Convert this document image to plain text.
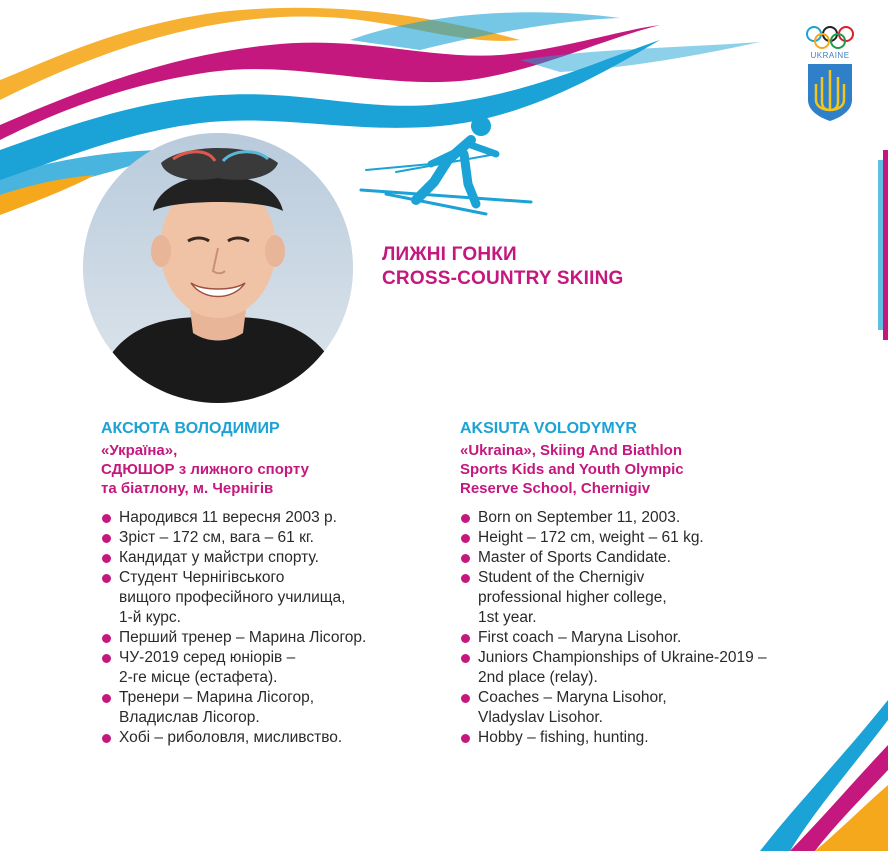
UKRAINE
ЛИЖНІ ГОНКИ
CROSS-COUNTRY SKIING
АКСЮТА ВОЛОДИМИР
«Україна»,
СДЮШОР з лижного спорту
та біатлону, м. Чернігів
Народився 11 вересня 2003 р.
Зріст – 172 см, вага – 61 кг.
Кандидат у майстри спорту.
Студент Чернігівського
вищого професійного училища,
1-й курс.
Перший тренер – Марина Лісогор.
ЧУ-2019 серед юніорів –
2-ге місце (естафета).
Тренери – Марина Лісогор,
Владислав Лісогор.
Хобі – риболовля, мисливство.
AKSIUTA VOLODYMYR
«Ukraina», Skiing And Biathlon
Sports Kids and Youth Olympic
Reserve School, Chernigiv
Born on September 11, 2003.
Height – 172 cm, weight – 61 kg.
Master of Sports Candidate.
Student of the Chernigiv
professional higher college,
1st year.
First coach – Maryna Lisohor.
Juniors Championships of Ukraine-2019 –
2nd place (relay).
Coaches – Maryna Lisohor,
Vladyslav Lisohor.
Hobby – fishing, hunting.
